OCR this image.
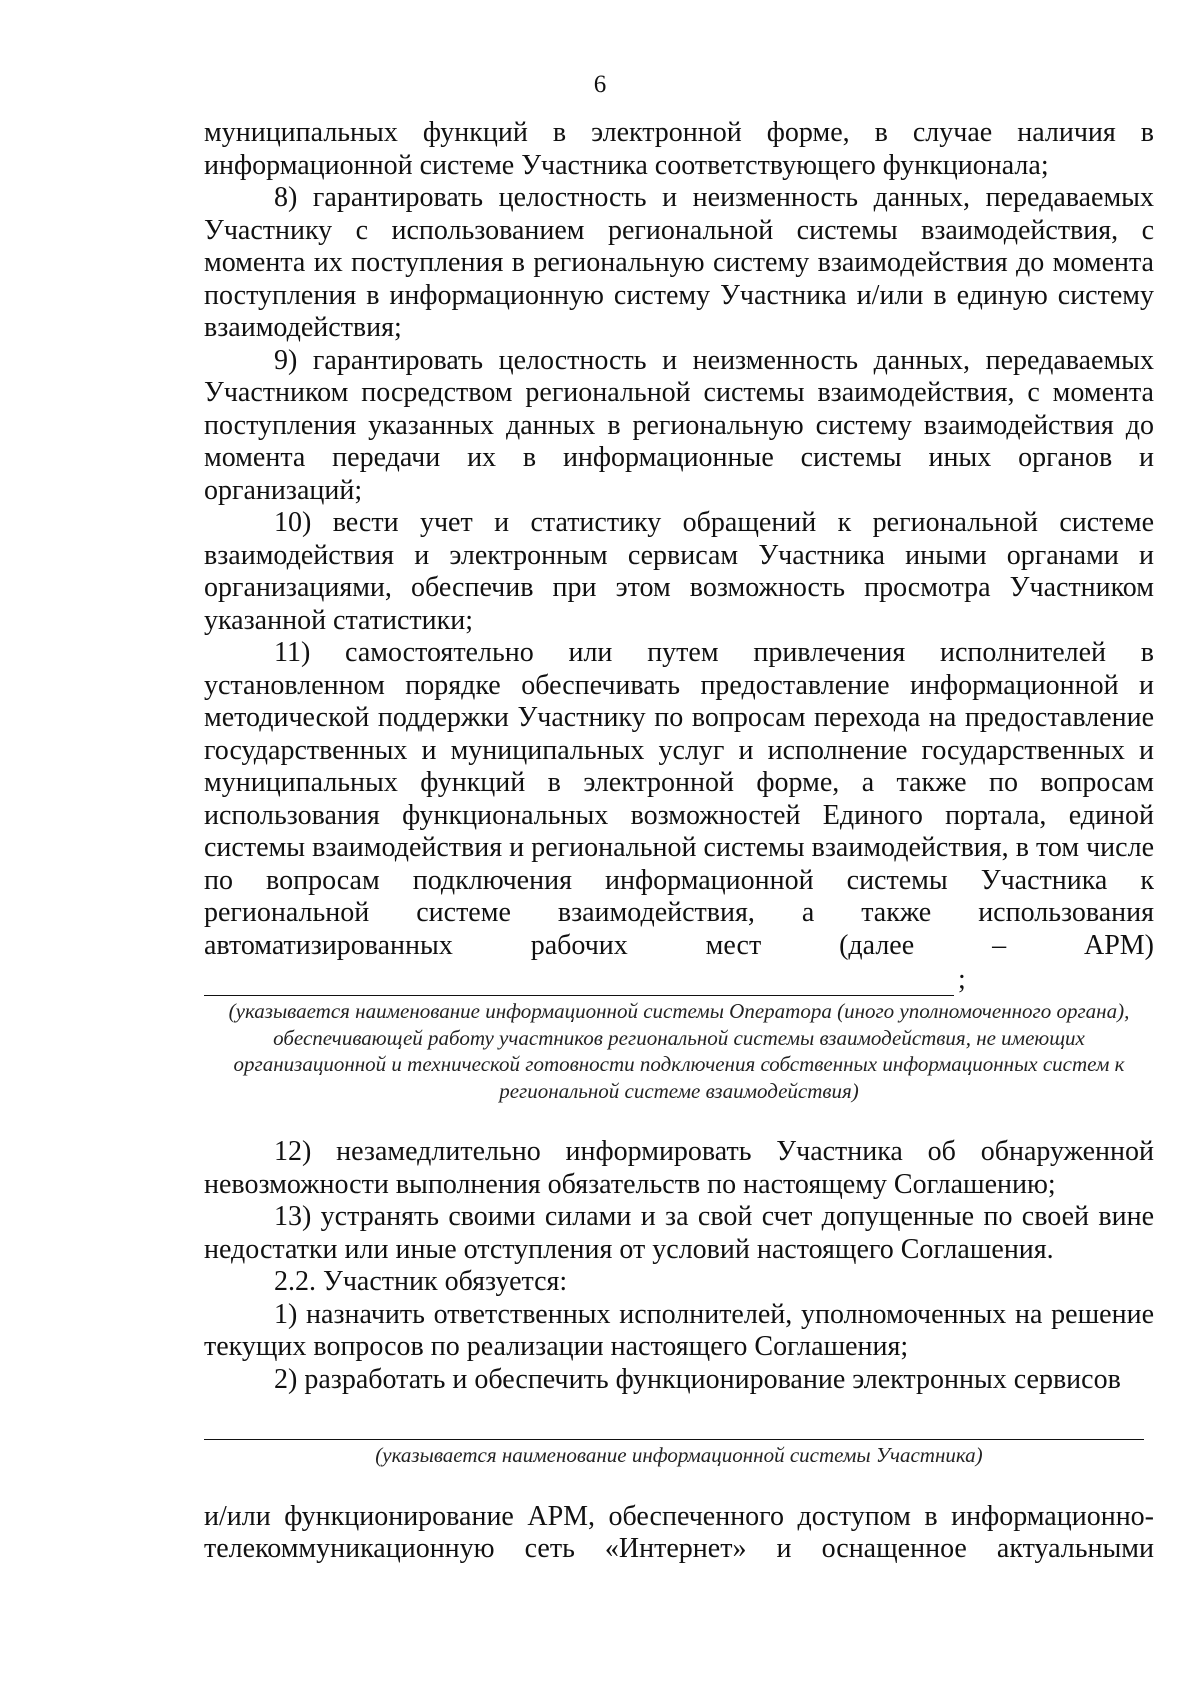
6

муниципальных функций в электронной форме, в случае наличия в информационной системе Участника соответствующего функционала;

8) гарантировать целостность и неизменность данных, передаваемых Участнику с использованием региональной системы взаимодействия, с момента их поступления в региональную систему взаимодействия до момента поступления в информационную систему Участника и/или в единую систему взаимодействия;

9) гарантировать целостность и неизменность данных, передаваемых Участником посредством региональной системы взаимодействия, с момента поступления указанных данных в региональную систему взаимодействия до момента передачи их в информационные системы иных органов и организаций;

10) вести учет и статистику обращений к региональной системе взаимодействия и электронным сервисам Участника иными органами и организациями, обеспечив при этом возможность просмотра Участником указанной статистики;

11) самостоятельно или путем привлечения исполнителей в установленном порядке обеспечивать предоставление информационной и методической поддержки Участнику по вопросам перехода на предоставление государственных и муниципальных услуг и исполнение государственных и муниципальных функций в электронной форме, а также по вопросам использования функциональных возможностей Единого портала, единой системы взаимодействия и региональной системы взаимодействия, в том числе по вопросам подключения информационной системы Участника к региональной системе взаимодействия, а также использования автоматизированных рабочих мест (далее – АРМ)

;

(указывается наименование информационной системы Оператора (иного уполномоченного органа), обеспечивающей работу участников региональной системы взаимодействия, не имеющих организационной и технической готовности подключения собственных информационных систем к региональной системе взаимодействия)

12) незамедлительно информировать Участника об обнаруженной невозможности выполнения обязательств по настоящему Соглашению;

13) устранять своими силами и за свой счет допущенные по своей вине недостатки или иные отступления от условий настоящего Соглашения.

2.2. Участник обязуется:

1) назначить ответственных исполнителей, уполномоченных на решение текущих вопросов по реализации настоящего Соглашения;

2) разработать и обеспечить функционирование электронных сервисов

(указывается наименование информационной системы Участника)

и/или функционирование АРМ, обеспеченного доступом в информационно-телекоммуникационную сеть «Интернет» и оснащенное актуальными
